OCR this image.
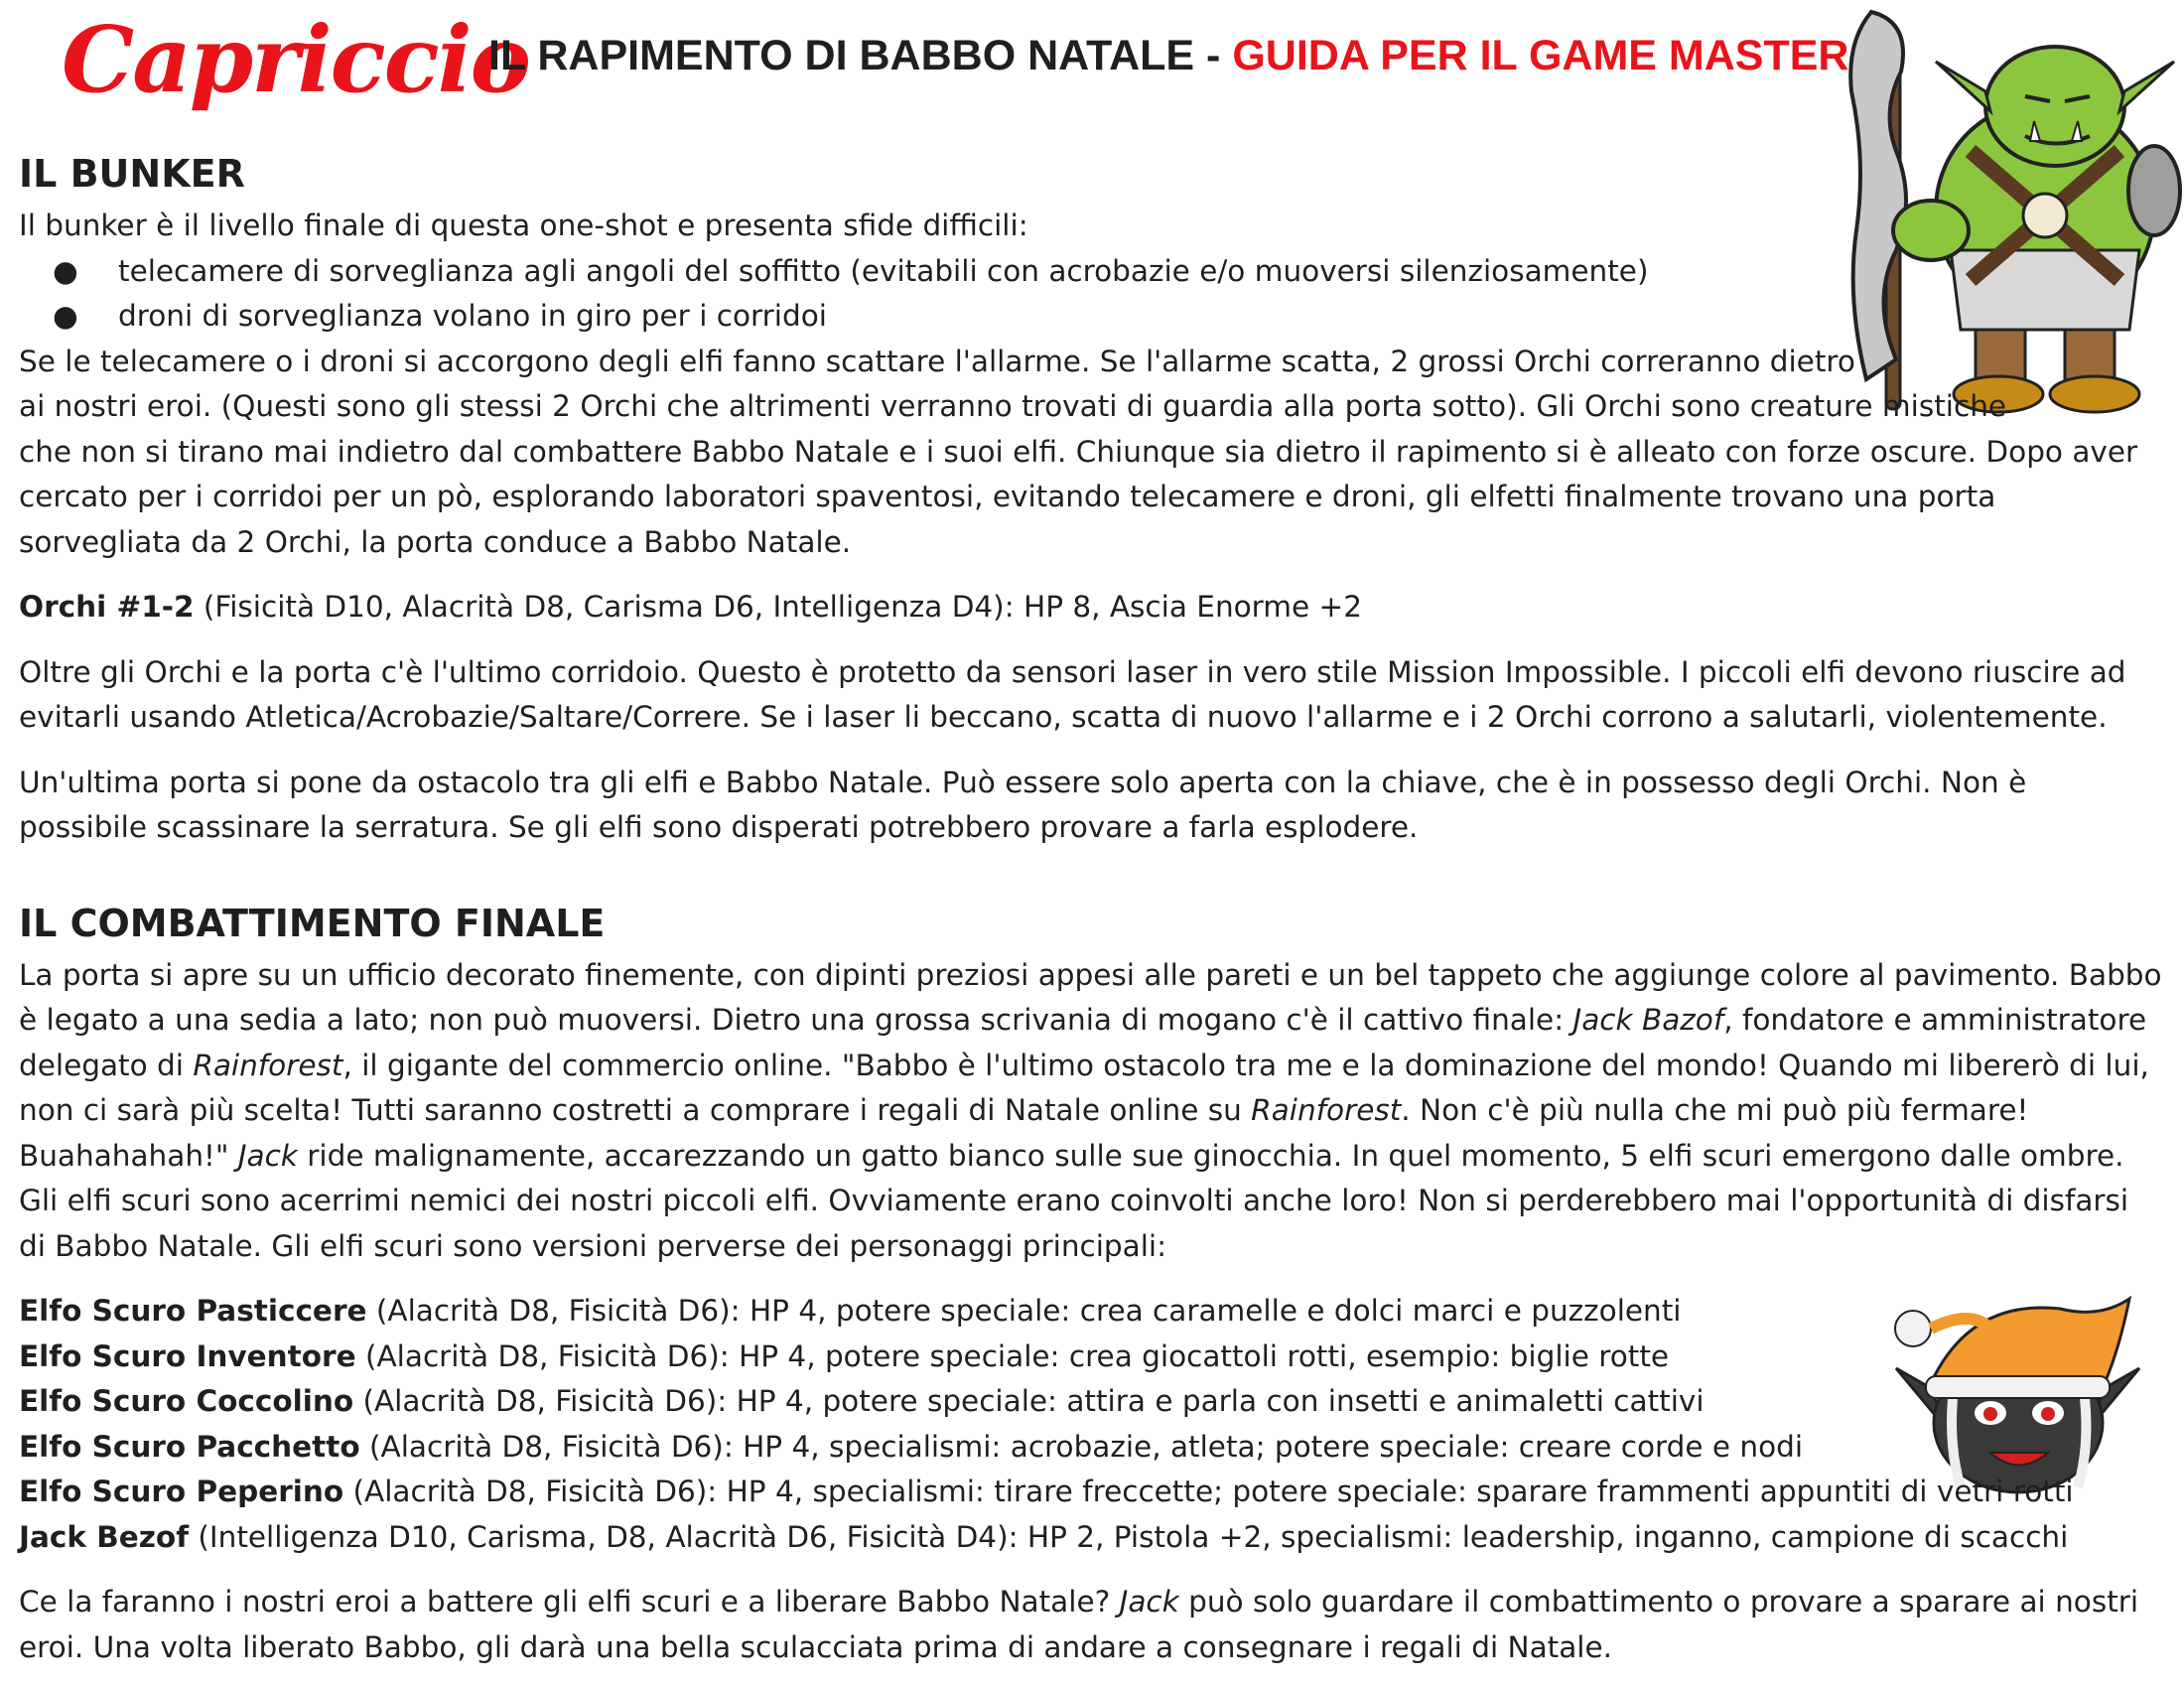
Capriccio
IL RAPIMENTO DI BABBO NATALE - GUIDA PER IL GAME MASTER
IL BUNKER

Il bunker è il livello finale di questa one-shot e presenta sfide difficili:

● telecamere di sorveglianza agli angoli del soffitto (evitabili con acrobazie e/o muoversi silenziosamente)
● droni di sorveglianza volano in giro per i corridoi

Se le telecamere o i droni si accorgono degli elfi fanno scattare l'allarme. Se l'allarme scatta, 2 grossi Orchi correranno dietro
ai nostri eroi. (Questi sono gli stessi 2 Orchi che altrimenti verranno trovati di guardia alla porta sotto). Gli Orchi sono creature mistiche
che non si tirano mai indietro dal combattere Babbo Natale e i suoi elfi. Chiunque sia dietro il rapimento si è alleato con forze oscure. Dopo aver cercato per i corridoi per un pò, esplorando laboratori spaventosi, evitando telecamere e droni, gli elfetti finalmente trovano una porta sorvegliata da 2 Orchi, la porta conduce a Babbo Natale.

Orchi #1-2 (Fisicità D10, Alacrità D8, Carisma D6, Intelligenza D4): HP 8, Ascia Enorme +2

Oltre gli Orchi e la porta c'è l'ultimo corridoio. Questo è protetto da sensori laser in vero stile Mission Impossible. I piccoli elfi devono riuscire ad evitarli usando Atletica/Acrobazie/Saltare/Correre. Se i laser li beccano, scatta di nuovo l'allarme e i 2 Orchi corrono a salutarli, violentemente.

Un'ultima porta si pone da ostacolo tra gli elfi e Babbo Natale. Può essere solo aperta con la chiave, che è in possesso degli Orchi. Non è possibile scassinare la serratura. Se gli elfi sono disperati potrebbero provare a farla esplodere.

IL COMBATTIMENTO FINALE

La porta si apre su un ufficio decorato finemente, con dipinti preziosi appesi alle pareti e un bel tappeto che aggiunge colore al pavimento. Babbo è legato a una sedia a lato; non può muoversi. Dietro una grossa scrivania di mogano c'è il cattivo finale: Jack Bazof, fondatore e amministratore delegato di Rainforest, il gigante del commercio online. "Babbo è l'ultimo ostacolo tra me e la dominazione del mondo! Quando mi libererò di lui, non ci sarà più scelta! Tutti saranno costretti a comprare i regali di Natale online su Rainforest. Non c'è più nulla che mi può più fermare! Buahahahah!" Jack ride malignamente, accarezzando un gatto bianco sulle sue ginocchia. In quel momento, 5 elfi scuri emergono dalle ombre. Gli elfi scuri sono acerrimi nemici dei nostri piccoli elfi. Ovviamente erano coinvolti anche loro! Non si perderebbero mai l'opportunità di disfarsi di Babbo Natale. Gli elfi scuri sono versioni perverse dei personaggi principali:

Elfo Scuro Pasticcere (Alacrità D8, Fisicità D6): HP 4, potere speciale: crea caramelle e dolci marci e puzzolenti

Elfo Scuro Inventore (Alacrità D8, Fisicità D6): HP 4, potere speciale: crea giocattoli rotti, esempio: biglie rotte

Elfo Scuro Coccolino (Alacrità D8, Fisicità D6): HP 4, potere speciale: attira e parla con insetti e animaletti cattivi

Elfo Scuro Pacchetto (Alacrità D8, Fisicità D6): HP 4, specialismi: acrobazie, atleta; potere speciale: creare corde e nodi

Elfo Scuro Peperino (Alacrità D8, Fisicità D6): HP 4, specialismi: tirare freccette; potere speciale: sparare frammenti appuntiti di vetri rotti

Jack Bezof (Intelligenza D10, Carisma, D8, Alacrità D6, Fisicità D4): HP 2, Pistola +2, specialismi: leadership, inganno, campione di scacchi

Ce la faranno i nostri eroi a battere gli elfi scuri e a liberare Babbo Natale? Jack può solo guardare il combattimento o provare a sparare ai nostri eroi. Una volta liberato Babbo, gli darà una bella sculacciata prima di andare a consegnare i regali di Natale.
